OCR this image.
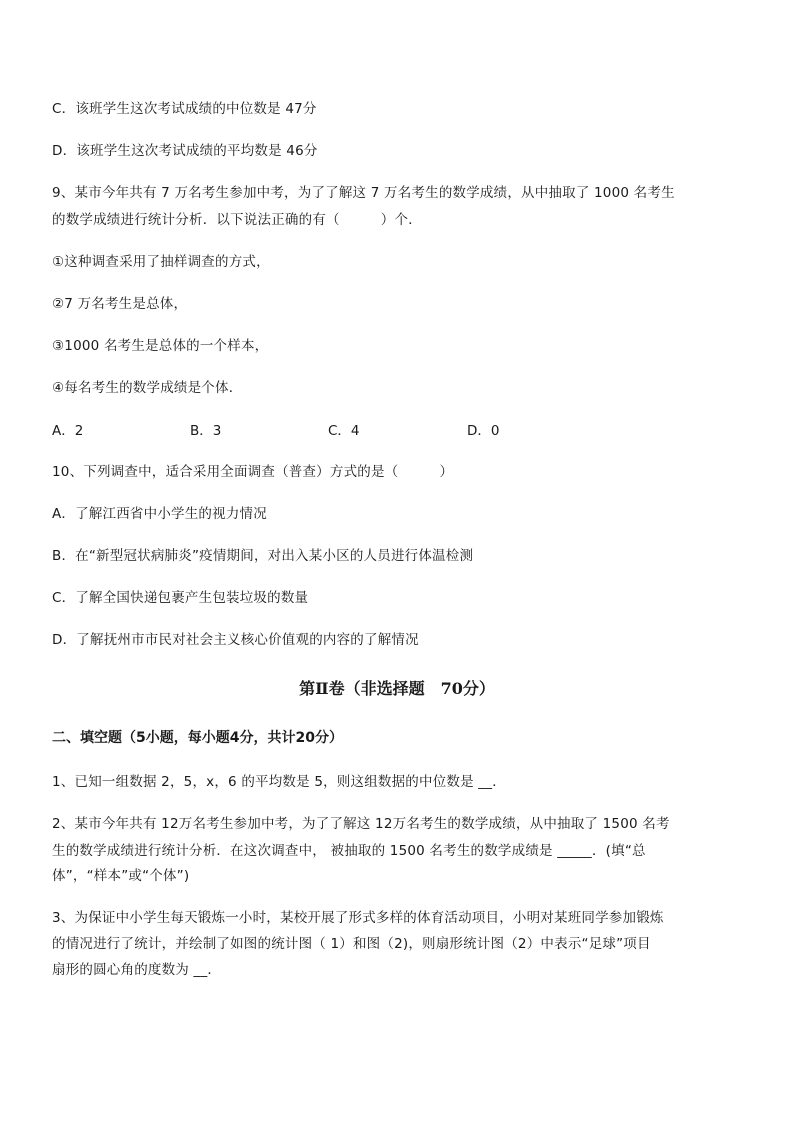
C．该班学生这次考试成绩的中位数是 47分
D．该班学生这次考试成绩的平均数是 46分
9、某市今年共有 7 万名考生参加中考，为了了解这 7 万名考生的数学成绩，从中抽取了 1000 名考生
的数学成绩进行统计分析．以下说法正确的有（　　　）个．
①这种调查采用了抽样调查的方式，
②7 万名考生是总体，
③1000 名考生是总体的一个样本，
④每名考生的数学成绩是个体．
A．2	B．3	C．4	D．0
10、下列调查中，适合采用全面调查（普查）方式的是（　　　）
A．了解江西省中小学生的视力情况
B．在“新型冠状病肺炎”疫情期间，对出入某小区的人员进行体温检测
C．了解全国快递包裹产生包装垃圾的数量
D．了解抚州市市民对社会主义核心价值观的内容的了解情况
第Ⅱ卷（非选择题　70分）
二、填空题（5小题，每小题4分，共计20分）
1、已知一组数据 2，5，x，6 的平均数是 5，则这组数据的中位数是 __．
2、某市今年共有 12万名考生参加中考，为了了解这 12万名考生的数学成绩，从中抽取了 1500 名考
生的数学成绩进行统计分析．在这次调查中， 被抽取的 1500 名考生的数学成绩是 _____．(填“总
体”，“样本”或“个体”)
3、为保证中小学生每天锻炼一小时，某校开展了形式多样的体育活动项目，小明对某班同学参加锻炼
的情况进行了统计，并绘制了如图的统计图（ 1）和图（2)，则扇形统计图（2）中表示“足球”项目
扇形的圆心角的度数为 __．
